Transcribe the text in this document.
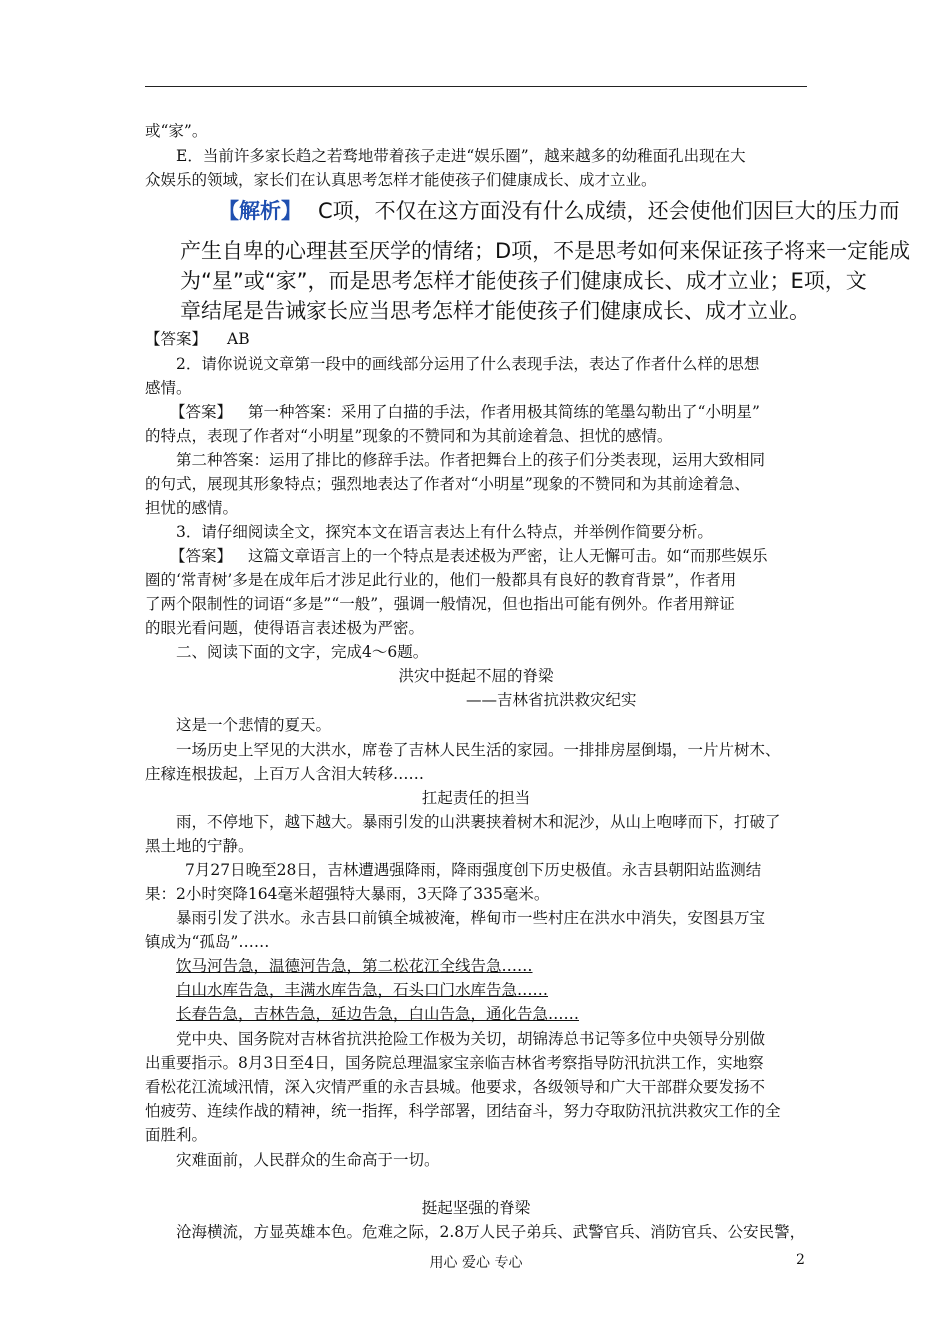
或“家”。
E．当前许多家长趋之若骛地带着孩子走进“娱乐圈”，越来越多的幼稚面孔出现在大
众娱乐的领域，家长们在认真思考怎样才能使孩子们健康成长、成才立业。
【解析】 C项，不仅在这方面没有什么成绩，还会使他们因巨大的压力而
产生自卑的心理甚至厌学的情绪；D项，不是思考如何来保证孩子将来一定能成
为“星”或“家”，而是思考怎样才能使孩子们健康成长、成才立业；E项，文
章结尾是告诫家长应当思考怎样才能使孩子们健康成长、成才立业。
【答案】 AB
2．请你说说文章第一段中的画线部分运用了什么表现手法，表达了作者什么样的思想
感情。
【答案】 第一种答案：采用了白描的手法，作者用极其简练的笔墨勾勒出了“小明星”
的特点，表现了作者对“小明星”现象的不赞同和为其前途着急、担忧的感情。
第二种答案：运用了排比的修辞手法。作者把舞台上的孩子们分类表现，运用大致相同
的句式，展现其形象特点；强烈地表达了作者对“小明星”现象的不赞同和为其前途着急、
担忧的感情。
3．请仔细阅读全文，探究本文在语言表达上有什么特点，并举例作简要分析。
【答案】 这篇文章语言上的一个特点是表述极为严密，让人无懈可击。如“而那些娱乐
圈的‘常青树’多是在成年后才涉足此行业的，他们一般都具有良好的教育背景”，作者用
了两个限制性的词语“多是”“一般”，强调一般情况，但也指出可能有例外。作者用辩证
的眼光看问题，使得语言表述极为严密。
二、阅读下面的文字，完成4～6题。
洪灾中挺起不屈的脊梁
——吉林省抗洪救灾纪实
这是一个悲情的夏天。
一场历史上罕见的大洪水，席卷了吉林人民生活的家园。一排排房屋倒塌，一片片树木、
庄稼连根拔起，上百万人含泪大转移……
扛起责任的担当
雨，不停地下，越下越大。暴雨引发的山洪裹挟着树木和泥沙，从山上咆哮而下，打破了
黑土地的宁静。
7月27日晚至28日，吉林遭遇强降雨，降雨强度创下历史极值。永吉县朝阳站监测结
果：2小时突降164毫米超强特大暴雨，3天降了335毫米。
暴雨引发了洪水。永吉县口前镇全城被淹，桦甸市一些村庄在洪水中消失，安图县万宝
镇成为“孤岛”……
饮马河告急，温德河告急，第二松花江全线告急……
白山水库告急，丰满水库告急，石头口门水库告急……
长春告急，吉林告急，延边告急，白山告急，通化告急……
党中央、国务院对吉林省抗洪抢险工作极为关切，胡锦涛总书记等多位中央领导分别做
出重要指示。8月3日至4日，国务院总理温家宝亲临吉林省考察指导防汛抗洪工作，实地察
看松花江流域汛情，深入灾情严重的永吉县城。他要求，各级领导和广大干部群众要发扬不
怕疲劳、连续作战的精神，统一指挥，科学部署，团结奋斗，努力夺取防汛抗洪救灾工作的全
面胜利。
灾难面前，人民群众的生命高于一切。
挺起坚强的脊梁
沧海横流，方显英雄本色。危难之际，2.8万人民子弟兵、武警官兵、消防官兵、公安民警，
用心 爱心 专心	2
